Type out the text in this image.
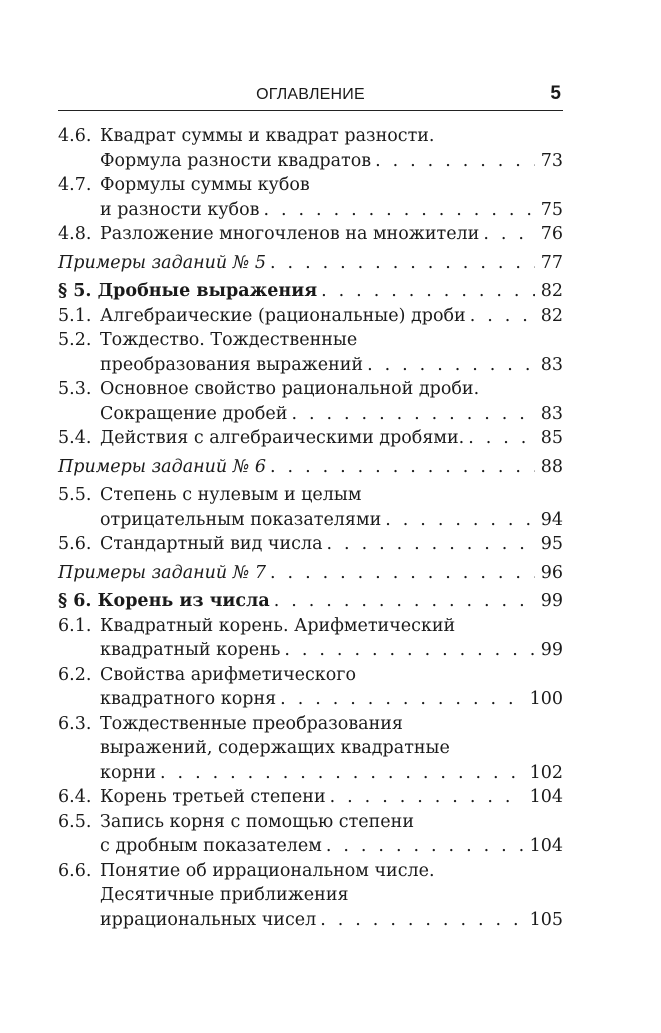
ОГЛАВЛЕНИЕ	5
4.6. Квадрат суммы и квадрат разности.
Формула разности квадратов . . .	73
4.7. Формулы суммы кубов
и разности кубов . . .	75
4.8. Разложение многочленов на множители . . .	76
Примеры заданий № 5 . . .	77
§ 5. Дробные выражения . . .	82
5.1. Алгебраические (рациональные) дроби . . .	82
5.2. Тождество. Тождественные
преобразования выражений . . .	83
5.3. Основное свойство рациональной дроби.
Сокращение дробей . . .	83
5.4. Действия с алгебраическими дробями. . . .	85
Примеры заданий № 6 . . .	88
5.5. Степень с нулевым и целым
отрицательным показателями . . .	94
5.6. Стандартный вид числа . . .	95
Примеры заданий № 7 . . .	96
§ 6. Корень из числа . . .	99
6.1. Квадратный корень. Арифметический
квадратный корень . . .	99
6.2. Свойства арифметического
квадратного корня . . .	100
6.3. Тождественные преобразования
выражений, содержащих квадратные
корни . . .	102
6.4. Корень третьей степени . . .	104
6.5. Запись корня с помощью степени
с дробным показателем . . .	104
6.6. Понятие об иррациональном числе.
Десятичные приближения
иррациональных чисел . . .	105
